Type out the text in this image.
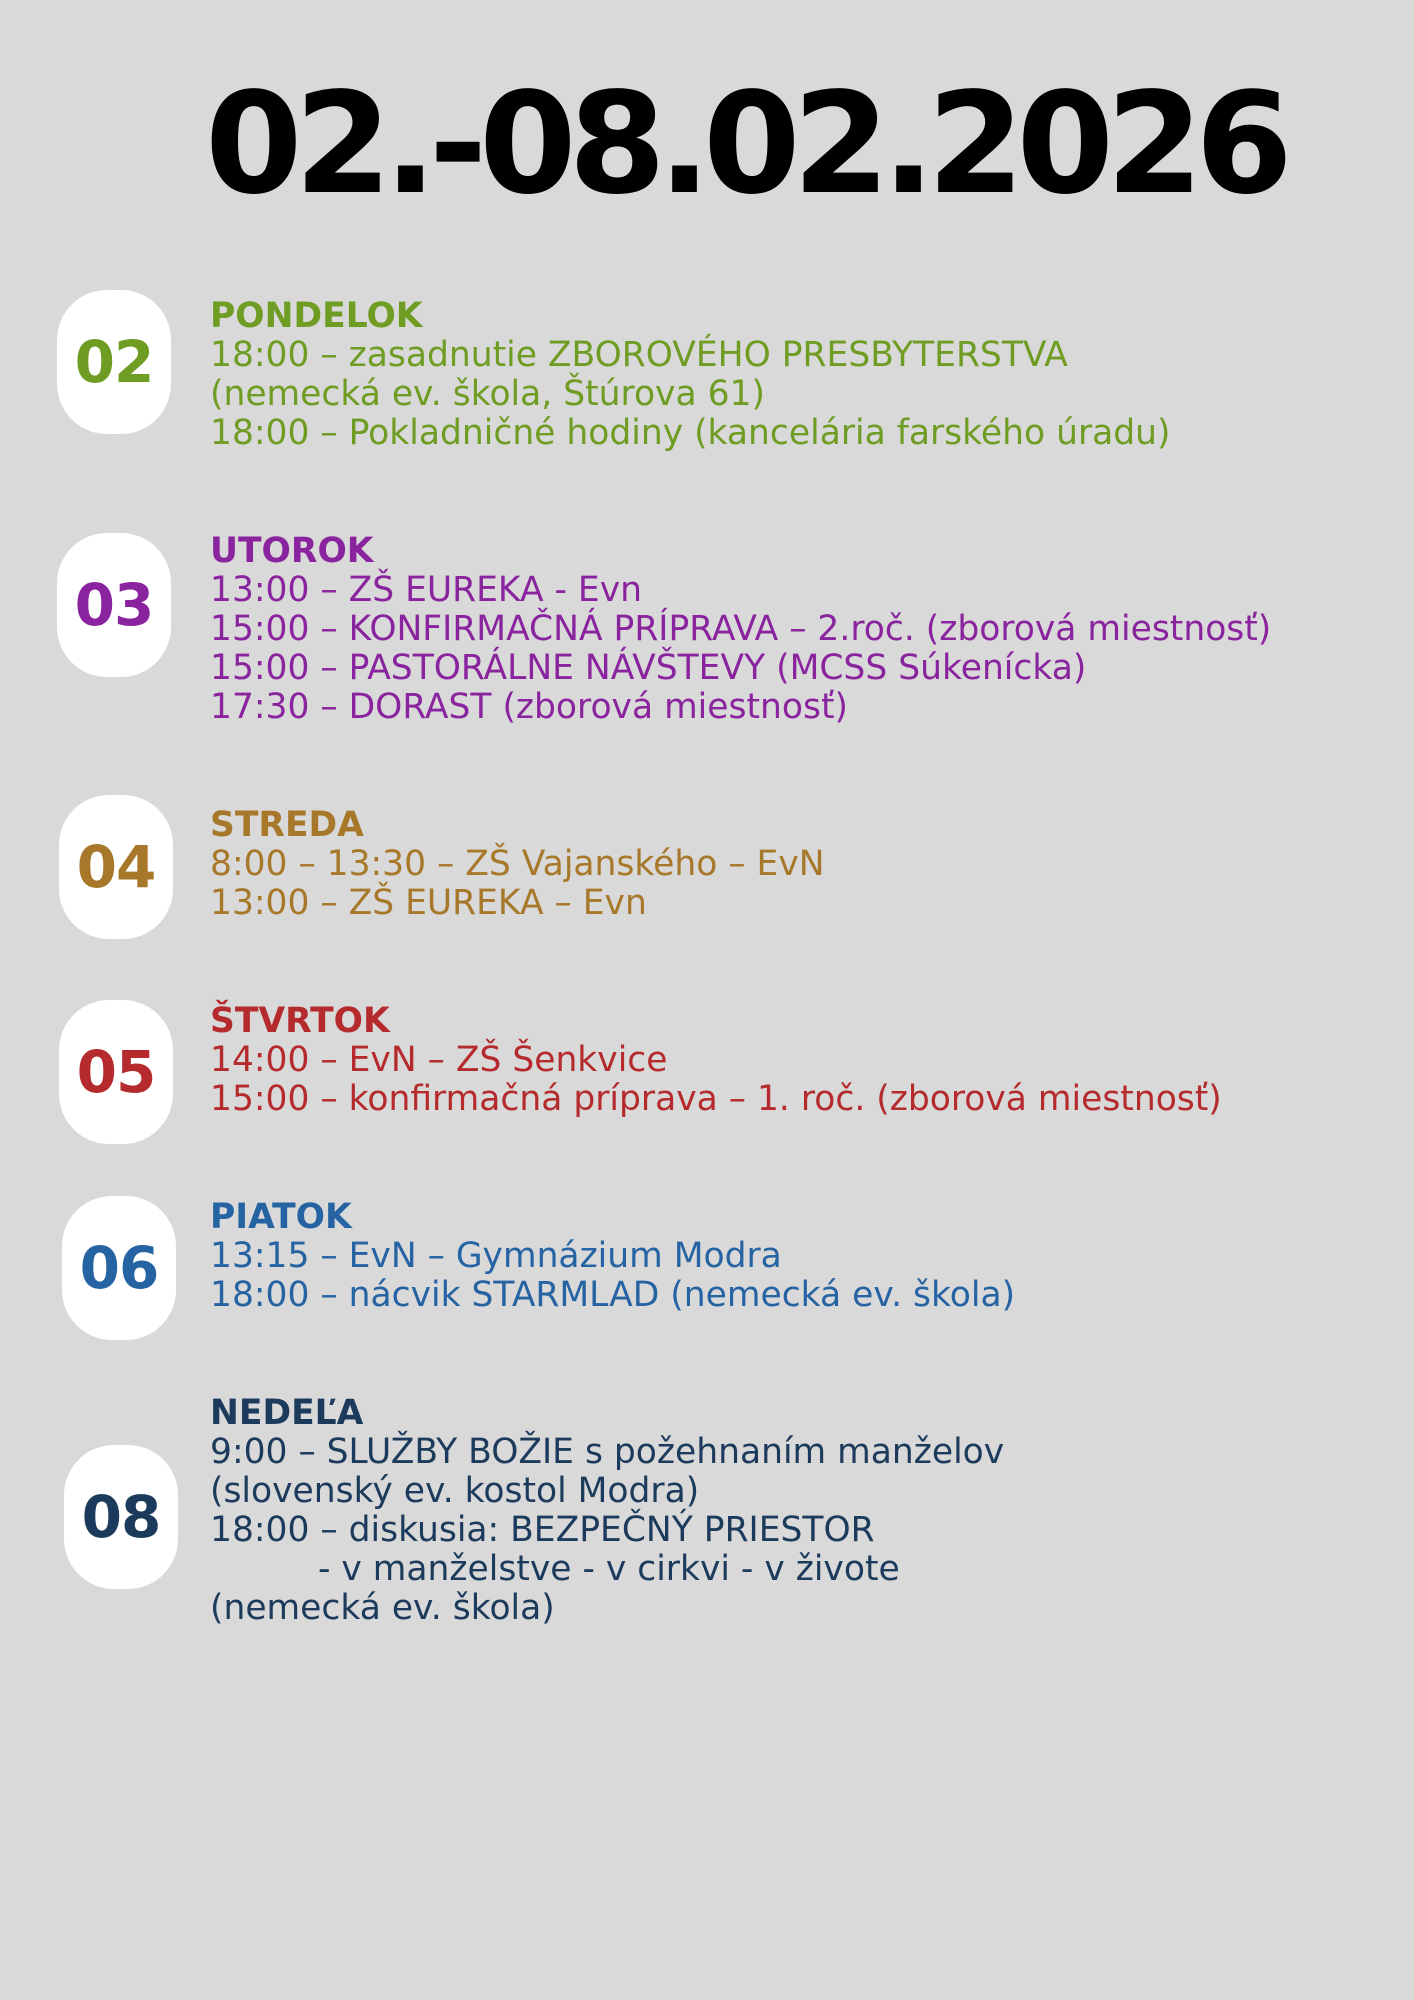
02.-08.02.2026
02
PONDELOK
18:00 – zasadnutie ZBOROVÉHO PRESBYTERSTVA
(nemecká ev. škola, Štúrova 61)
18:00 – Pokladničné hodiny (kancelária farského úradu)
03
UTOROK
13:00 – ZŠ EUREKA - Evn
15:00 – KONFIRMAČNÁ PRÍPRAVA – 2.roč. (zborová miestnosť)
15:00 – PASTORÁLNE NÁVŠTEVY (MCSS Súkenícka)
17:30 – DORAST (zborová miestnosť)
04
STREDA
8:00 – 13:30 – ZŠ Vajanského – EvN
13:00 – ZŠ EUREKA – Evn
05
ŠTVRTOK
14:00 – EvN – ZŠ Šenkvice
15:00 – konfirmačná príprava – 1. roč. (zborová miestnosť)
06
PIATOK
13:15 – EvN – Gymnázium Modra
18:00 – nácvik STARMLAD (nemecká ev. škola)
08
NEDEĽA
9:00 – SLUŽBY BOŽIE s požehnaním manželov
(slovenský ev. kostol Modra)
18:00 – diskusia: BEZPEČNÝ PRIESTOR
- v manželstve - v cirkvi - v živote
(nemecká ev. škola)
